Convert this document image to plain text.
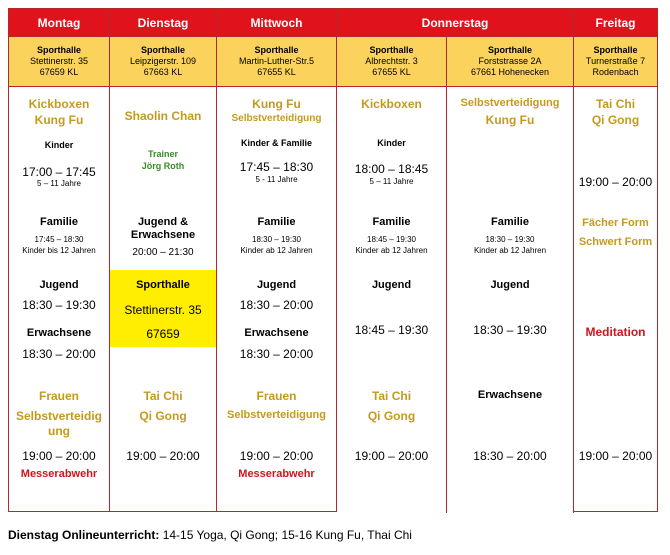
Montag
Sporthalle
Stettinerstr. 35
67659 KL
Kickboxen
Kung Fu
Kinder
17:00 – 17:45
5 – 11 Jahre
Familie
17:45 – 18:30
Kinder bis 12 Jahren
Jugend
18:30 – 19:30
Erwachsene
18:30 – 20:00
Frauen
Selbstverteidig
ung
19:00 – 20:00
Messerabwehr
Dienstag
Sporthalle
Leipzigerstr. 109
67663 KL
Shaolin Chan
Trainer
Jörg Roth
Jugend &
Erwachsene
20:00 – 21:30
Sporthalle
Stettinerstr. 35
67659
Tai Chi
Qi Gong
19:00 – 20:00
Mittwoch
Sporthalle
Martin-Luther-Str.5
67655 KL
Kung Fu
Selbstverteidigung
Kinder & Familie
17:45 – 18:30
5 - 11 Jahre
Familie
18:30 – 19:30
Kinder ab 12 Jahren
Jugend
18:30 – 20:00
Erwachsene
18:30 – 20:00
Frauen
Selbstverteidigung
19:00 – 20:00
Messerabwehr
Donnerstag
Sporthalle
Albrechtstr. 3
67655 KL
Kickboxen
Kinder
18:00 – 18:45
5 – 11 Jahre
Familie
18:45 – 19:30
Kinder ab 12 Jahren
Jugend
18:45 – 19:30
Tai Chi
Qi Gong
19:00 – 20:00
Sporthalle
Forststrasse 2A
67661 Hohenecken
Selbstverteidigung
Kung Fu
Familie
18:30 – 19:30
Kinder ab 12 Jahren
Jugend
18:30 – 19:30
Erwachsene
18:30 – 20:00
Freitag
Sporthalle
Turnerstraße 7
Rodenbach
Tai Chi
Qi Gong
19:00 – 20:00
Fächer Form
Schwert Form
Meditation
19:00 – 20:00
Dienstag Onlineunterricht: 14-15 Yoga, Qi Gong; 15-16 Kung Fu, Thai Chi
